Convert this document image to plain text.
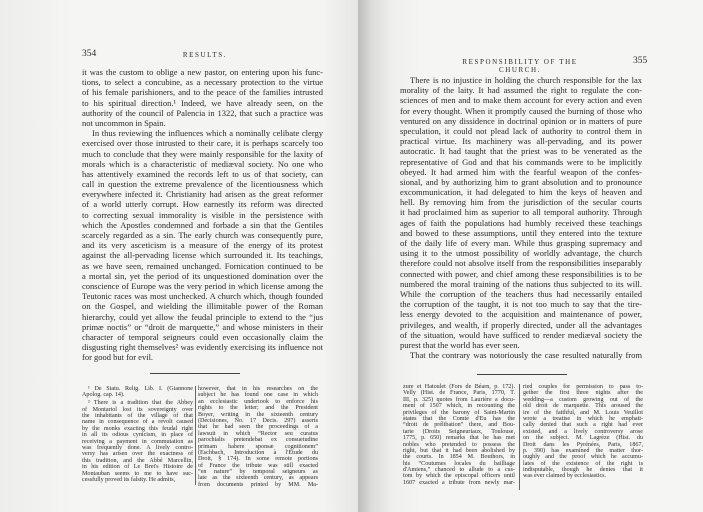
354	RESULTS.
it was the custom to oblige a new pastor, on entering upon his func-
tions, to select a concubine, as a necessary protection to the virtue
of his female parishioners, and to the peace of the families intrusted
to his spiritual direction.¹ Indeed, we have already seen, on the
authority of the council of Palencia in 1322, that such a practice was
not uncommon in Spain.
In thus reviewing the influences which a nominally celibate clergy
exercised over those intrusted to their care, it is perhaps scarcely too
much to conclude that they were mainly responsible for the laxity of
morals which is a characteristic of mediæval society. No one who
has attentively examined the records left to us of that society, can
call in question the extreme prevalence of the licentiousness which
everywhere infected it. Christianity had arisen as the great reformer
of a world utterly corrupt. How earnestly its reform was directed
to correcting sexual immorality is visible in the persistence with
which the Apostles condemned and forbade a sin that the Gentiles
scarcely regarded as a sin. The early church was consequently pure,
and its very asceticism is a measure of the energy of its protest
against the all-pervading license which surrounded it. Its teachings,
as we have seen, remained unchanged. Fornication continued to be
a mortal sin, yet the period of its unquestioned domination over the
conscience of Europe was the very period in which license among the
Teutonic races was most unchecked. A church which, though founded
on the Gospel, and wielding the illimitable power of the Roman
hierarchy, could yet allow the feudal principle to extend to the “jus
primæ noctis” or “droit de marquette,” and whose ministers in their
character of temporal seigneurs could even occasionally claim the
disgusting right themselves² was evidently exercising its influence not
for good but for evil.
¹ De Statu. Relig. Lib. I. (Giannone
Apolog. cap. 14).
² There is a tradition that the Abbey
of Montariol lost its sovereignty over
the inhabitants of the village of that
name in consequence of a revolt caused
by the monks exacting this feudal right
in all its odious cynicism, in place of
receiving a payment in commutation as
was frequently done. A lively contro-
versy has arisen over the exactness of
this tradition, and the Abbé Marcellin,
in his edition of Le Bret's Histoire de
Montauban seems to me to have suc-
cessfully proved its falsity. He admits,
however, that in his researches on the
subject he has found one case in which
an ecclesiastic undertook to enforce his
rights to the letter; and the President
Boyer, writing in the sixteenth century
(Decisiones, No. 17 Decis. 297) asserts
that he had seen the proceedings of a
lawsuit in which “Rector seu curatus
parochialis pretendebat ex consuetudine
primam habere sponsæ cognitionem”
(Eschbach, Introduction à l'Étude du
Droit, § 174). In some remote portions
of France the tribute was still exacted
“en nature” by temporal seigneurs as
late as the sixteenth century, as appears
from documents printed by MM. Ma-
RESPONSIBILITY OF THE CHURCH.
355
There is no injustice in holding the church responsible for the lax
morality of the laity. It had assumed the right to regulate the con-
sciences of men and to make them account for every action and even
for every thought. When it promptly caused the burning of those who
ventured on any dissidence in doctrinal opinion or in matters of pure
speculation, it could not plead lack of authority to control them in
practical virtue. Its machinery was all-pervading, and its power
autocratic. It had taught that the priest was to be venerated as the
representative of God and that his commands were to be implicitly
obeyed. It had armed him with the fearful weapon of the confes-
sional, and by authorizing him to grant absolution and to pronounce
excommunication, it had delegated to him the keys of heaven and
hell. By removing him from the jurisdiction of the secular courts
it had proclaimed him as superior to all temporal authority. Through
ages of faith the populations had humbly received these teachings
and bowed to these assumptions, until they entered into the texture
of the daily life of every man. While thus grasping supremacy and
using it to the utmost possibility of worldly advantage, the church
therefore could not absolve itself from the responsibilities inseparably
connected with power, and chief among these responsibilities is to be
numbered the moral training of the nations thus subjected to its will.
While the corruption of the teachers thus had necessarily entailed
the corruption of the taught, it is not too much to say that the tire-
less energy devoted to the acquisition and maintenance of power,
privileges, and wealth, if properly directed, under all the advantages
of the situation, would have sufficed to render mediæval society the
purest that the world has ever seen.
That the contrary was notoriously the case resulted naturally from
zure et Hatoulet (Fors de Béarn, p. 172).
Velly (Hist. de France, Paris, 1770, T.
III, p. 325) quotes from Laurière a docu-
ment of 1507 which, in recounting the
privileges of the barony of Saint-Martin
states that the Comte d'Eu has the
“droit de prélibation” there, and Bou-
tarie (Droits Seigneuriaux, Toulouse,
1775, p. 650) remarks that he has met
nobles who pretended to possess the
right, but that it had been abolished by
the courts. In 1854 M. Bouthors, in
his “Coutumes locales du bailliage
d'Amiens,” chanced to allude to a cus-
tom by which the episcopal officers until
1607 exacted a tribute from newly mar-
ried couples for permission to pass to-
gether the first three nights after the
wedding—a custom growing out of the
old droit de marquette. This aroused the
ire of the faithful, and M. Louis Veuillot
wrote a treatise in which he emphati-
cally denied that such a right had ever
existed, and a lively controversy arose
on the subject. M. Lagrèze (Hist. du
Droit dans les Pyrénées, Paris, 1867,
p. 390) has examined the matter thor-
oughly and the proof which he accumu-
lates of the existence of the right is
indisputable, though he denies that it
was ever claimed by ecclesiastics.
